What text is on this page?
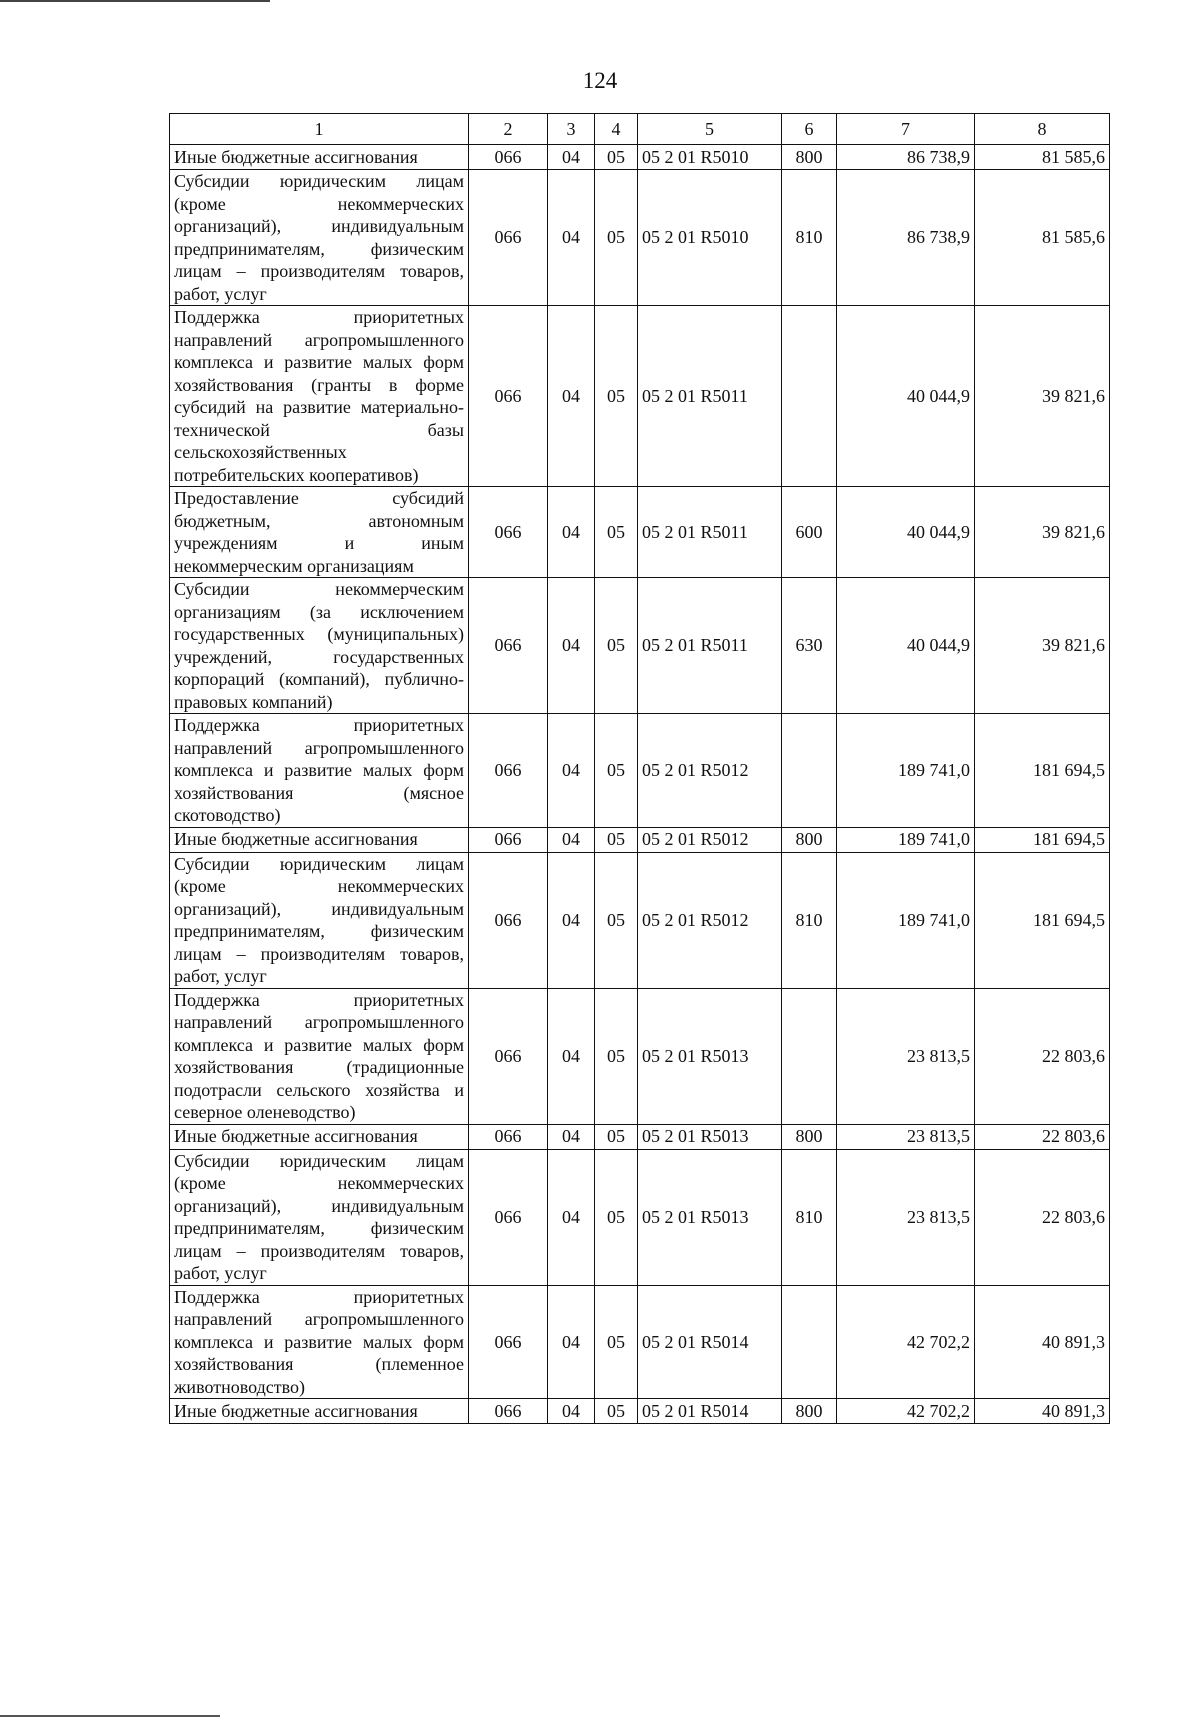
124
1	2	3	4	5	6	7	8
Иные бюджетные ассигнования	066	04	05	05 2 01 R5010	800	86 738,9	81 585,6
Субсидии юридическим лицам (кроме некоммерческих организаций), индивидуальным предпринимателям, физическим лицам – производителям товаров, работ, услуг	066	04	05	05 2 01 R5010	810	86 738,9	81 585,6
Поддержка приоритетных направлений агропромышленного комплекса и развитие малых форм хозяйствования (гранты в форме субсидий на развитие материально-технической базы сельскохозяйственных потребительских кооперативов)	066	04	05	05 2 01 R5011		40 044,9	39 821,6
Предоставление субсидий бюджетным, автономным учреждениям и иным некоммерческим организациям	066	04	05	05 2 01 R5011	600	40 044,9	39 821,6
Субсидии некоммерческим организациям (за исключением государственных (муниципальных) учреждений, государственных корпораций (компаний), публично-правовых компаний)	066	04	05	05 2 01 R5011	630	40 044,9	39 821,6
Поддержка приоритетных направлений агропромышленного комплекса и развитие малых форм хозяйствования (мясное скотоводство)	066	04	05	05 2 01 R5012		189 741,0	181 694,5
Иные бюджетные ассигнования	066	04	05	05 2 01 R5012	800	189 741,0	181 694,5
Субсидии юридическим лицам (кроме некоммерческих организаций), индивидуальным предпринимателям, физическим лицам – производителям товаров, работ, услуг	066	04	05	05 2 01 R5012	810	189 741,0	181 694,5
Поддержка приоритетных направлений агропромышленного комплекса и развитие малых форм хозяйствования (традиционные подотрасли сельского хозяйства и северное оленеводство)	066	04	05	05 2 01 R5013		23 813,5	22 803,6
Иные бюджетные ассигнования	066	04	05	05 2 01 R5013	800	23 813,5	22 803,6
Субсидии юридическим лицам (кроме некоммерческих организаций), индивидуальным предпринимателям, физическим лицам – производителям товаров, работ, услуг	066	04	05	05 2 01 R5013	810	23 813,5	22 803,6
Поддержка приоритетных направлений агропромышленного комплекса и развитие малых форм хозяйствования (племенное животноводство)	066	04	05	05 2 01 R5014		42 702,2	40 891,3
Иные бюджетные ассигнования	066	04	05	05 2 01 R5014	800	42 702,2	40 891,3
